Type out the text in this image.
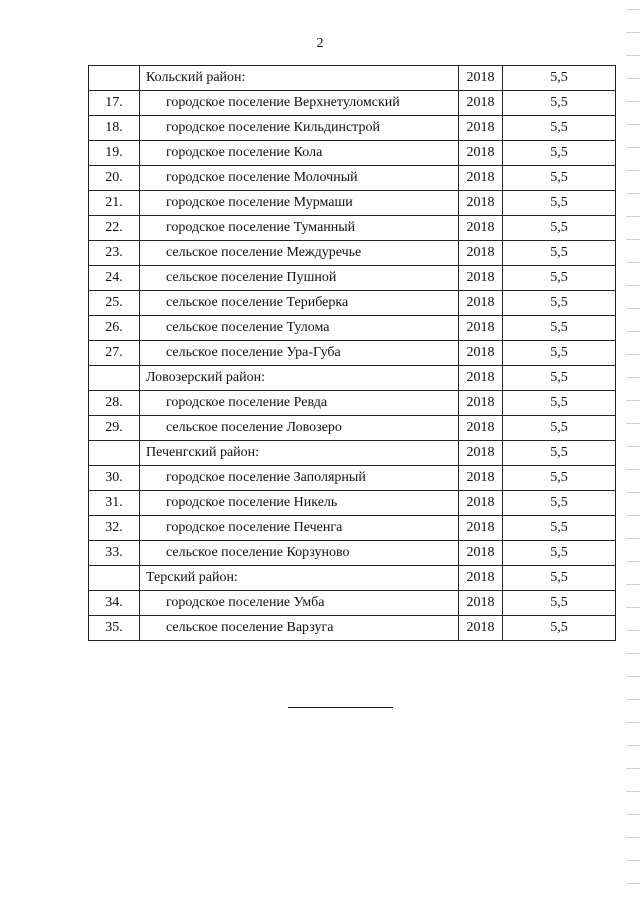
2
	Кольский район:	2018	5,5
17.	городское поселение Верхнетуломский	2018	5,5
18.	городское поселение Кильдинстрой	2018	5,5
19.	городское поселение Кола	2018	5,5
20.	городское поселение Молочный	2018	5,5
21.	городское поселение Мурмаши	2018	5,5
22.	городское поселение Туманный	2018	5,5
23.	сельское поселение Междуречье	2018	5,5
24.	сельское поселение Пушной	2018	5,5
25.	сельское поселение Териберка	2018	5,5
26.	сельское поселение Тулома	2018	5,5
27.	сельское поселение Ура-Губа	2018	5,5
	Ловозерский район:	2018	5,5
28.	городское поселение Ревда	2018	5,5
29.	сельское поселение Ловозеро	2018	5,5
	Печенгский район:	2018	5,5
30.	городское поселение Заполярный	2018	5,5
31.	городское поселение Никель	2018	5,5
32.	городское поселение Печенга	2018	5,5
33.	сельское поселение Корзуново	2018	5,5
	Терский район:	2018	5,5
34.	городское поселение Умба	2018	5,5
35.	сельское поселение Варзуга	2018	5,5
